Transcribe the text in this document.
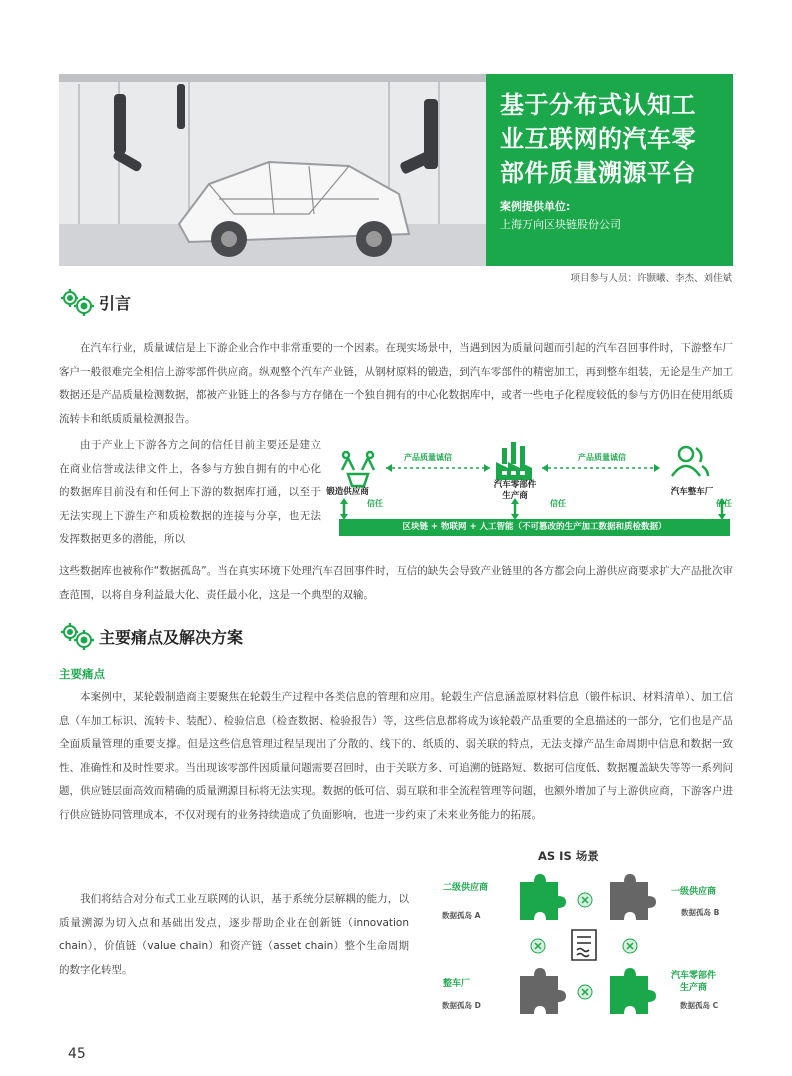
基于分布式认知工
业互联网的汽车零
部件质量溯源平台
案例提供单位:
上海万向区块链股份公司
项目参与人员：许颢曦、李杰、刘佳斌
引言
在汽车行业，质量诚信是上下游企业合作中非常重要的一个因素。在现实场景中，当遇到因为质量问题而引起的汽车召回事件时，下游整车厂客户一般很难完全相信上游零部件供应商。纵观整个汽车产业链，从钢材原料的锻造，到汽车零部件的精密加工，再到整车组装，无论是生产加工数据还是产品质量检测数据，都被产业链上的各参与方存储在一个独自拥有的中心化数据库中，或者一些电子化程度较低的参与方仍旧在使用纸质流转卡和纸质质量检测报告。
由于产业上下游各方之间的信任目前主要还是建立在商业信誉或法律文件上，各参与方独自拥有的中心化的数据库目前没有和任何上下游的数据库打通，以至于无法实现上下游生产和质检数据的连接与分享，也无法发挥数据更多的潜能，所以
产品质量诚信	产品质量诚信
锻造供应商
汽车零部件
生产商	汽车整车厂
信任	信任	信任
区块链 + 物联网 + 人工智能（不可篡改的生产加工数据和质检数据）
这些数据库也被称作“数据孤岛”。当在真实环境下处理汽车召回事件时，互信的缺失会导致产业链里的各方都会向上游供应商要求扩大产品批次审查范围，以将自身利益最大化、责任最小化，这是一个典型的双输。
主要痛点及解决方案
主要痛点
本案例中，某轮毂制造商主要聚焦在轮毂生产过程中各类信息的管理和应用。轮毂生产信息涵盖原材料信息（锻件标识、材料清单）、加工信息（车加工标识、流转卡、装配）、检验信息（检查数据、检验报告）等，这些信息都将成为该轮毂产品重要的全息描述的一部分，它们也是产品全面质量管理的重要支撑。但是这些信息管理过程呈现出了分散的、线下的、纸质的、弱关联的特点，无法支撑产品生命周期中信息和数据一致性、准确性和及时性要求。当出现该零部件因质量问题需要召回时，由于关联方多、可追溯的链路短、数据可信度低、数据覆盖缺失等等一系列问题，供应链层面高效而精确的质量溯源目标将无法实现。数据的低可信、弱互联和非全流程管理等问题，也额外增加了与上游供应商，下游客户进行供应链协同管理成本，不仅对现有的业务持续造成了负面影响，也进一步约束了未来业务能力的拓展。
我们将结合对分布式工业互联网的认识，基于系统分层解耦的能力，以质量溯源为切入点和基础出发点，逐步帮助企业在创新链（innovation chain），价值链（value chain）和资产链（asset chain）整个生命周期的数字化转型。
AS IS 场景
二级供应商
数据孤岛 A
一级供应商
数据孤岛 B
汽车零部件
生产商
数据孤岛 C
整车厂
数据孤岛 D
45
